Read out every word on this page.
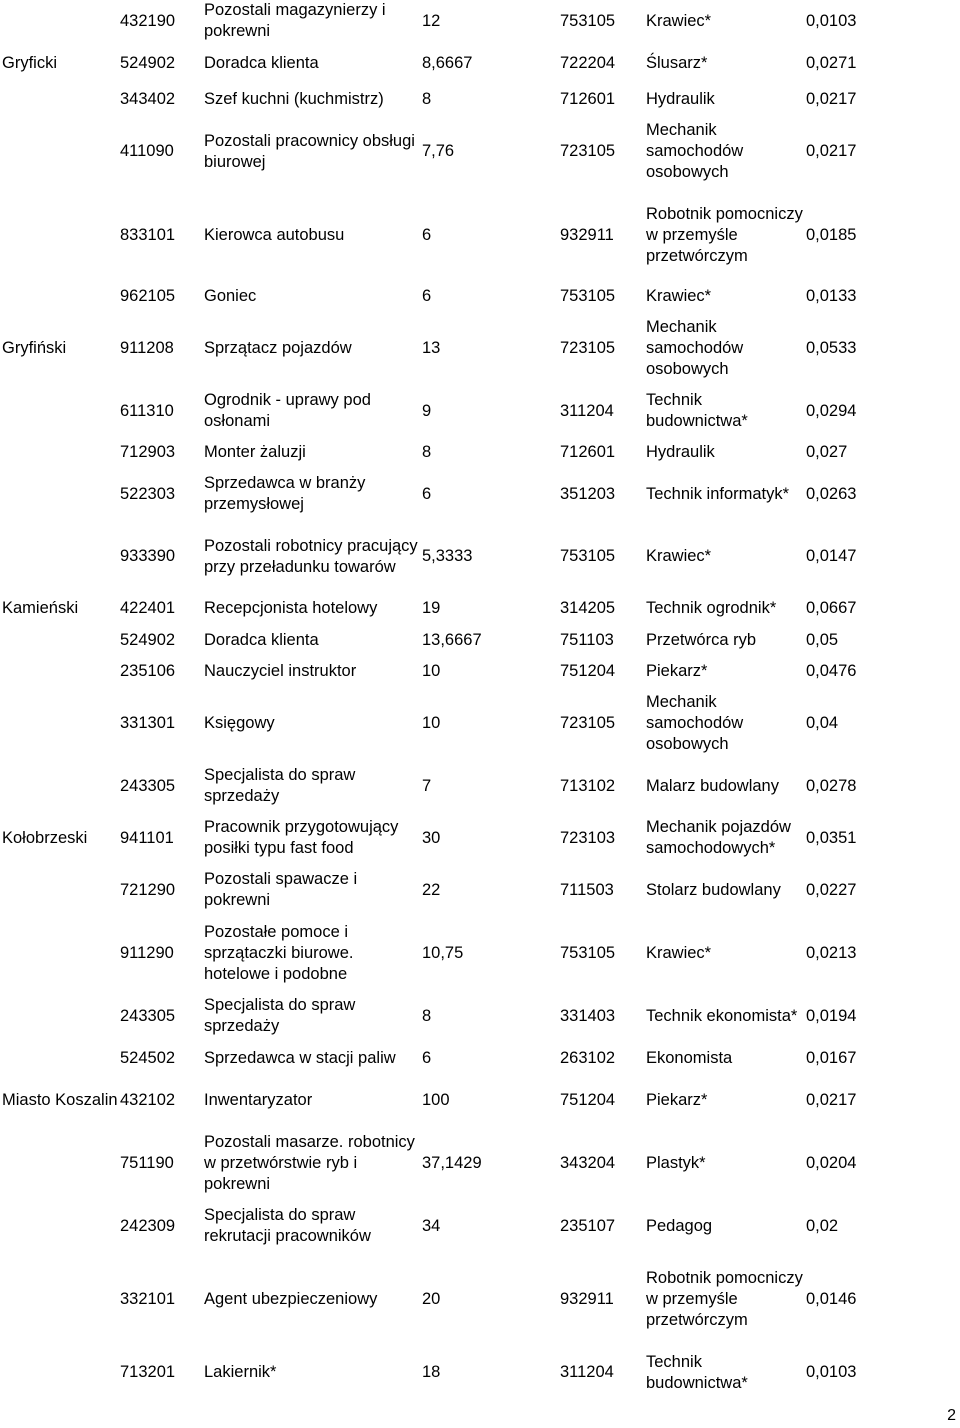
	432190	Pozostali magazynierzy i pokrewni	12	753105	Krawiec*	0,0103
Gryficki	524902	Doradca klienta	8,6667	722204	Ślusarz*	0,0271
	343402	Szef kuchni (kuchmistrz)	8	712601	Hydraulik	0,0217
	411090	Pozostali pracownicy obsługi biurowej	7,76	723105	Mechanik samochodów osobowych	0,0217
	833101	Kierowca autobusu	6	932911	Robotnik pomocniczy w przemyśle przetwórczym	0,0185
	962105	Goniec	6	753105	Krawiec*	0,0133
Gryfiński	911208	Sprzątacz pojazdów	13	723105	Mechanik samochodów osobowych	0,0533
	611310	Ogrodnik - uprawy pod osłonami	9	311204	Technik budownictwa*	0,0294
	712903	Monter żaluzji	8	712601	Hydraulik	0,027
	522303	Sprzedawca w branży przemysłowej	6	351203	Technik informatyk*	0,0263
	933390	Pozostali robotnicy pracujący przy przeładunku towarów	5,3333	753105	Krawiec*	0,0147
Kamieński	422401	Recepcjonista hotelowy	19	314205	Technik ogrodnik*	0,0667
	524902	Doradca klienta	13,6667	751103	Przetwórca ryb	0,05
	235106	Nauczyciel instruktor	10	751204	Piekarz*	0,0476
	331301	Księgowy	10	723105	Mechanik samochodów osobowych	0,04
	243305	Specjalista do spraw sprzedaży	7	713102	Malarz budowlany	0,0278
Kołobrzeski	941101	Pracownik przygotowujący posiłki typu fast food	30	723103	Mechanik pojazdów samochodowych*	0,0351
	721290	Pozostali spawacze i pokrewni	22	711503	Stolarz budowlany	0,0227
	911290	Pozostałe pomoce i sprzątaczki biurowe. hotelowe i podobne	10,75	753105	Krawiec*	0,0213
	243305	Specjalista do spraw sprzedaży	8	331403	Technik ekonomista*	0,0194
	524502	Sprzedawca w stacji paliw	6	263102	Ekonomista	0,0167
Miasto Koszalin	432102	Inwentaryzator	100	751204	Piekarz*	0,0217
	751190	Pozostali masarze. robotnicy w przetwórstwie ryb i pokrewni	37,1429	343204	Plastyk*	0,0204
	242309	Specjalista do spraw rekrutacji pracowników	34	235107	Pedagog	0,02
	332101	Agent ubezpieczeniowy	20	932911	Robotnik pomocniczy w przemyśle przetwórczym	0,0146
	713201	Lakiernik*	18	311204	Technik budownictwa*	0,0103
2
